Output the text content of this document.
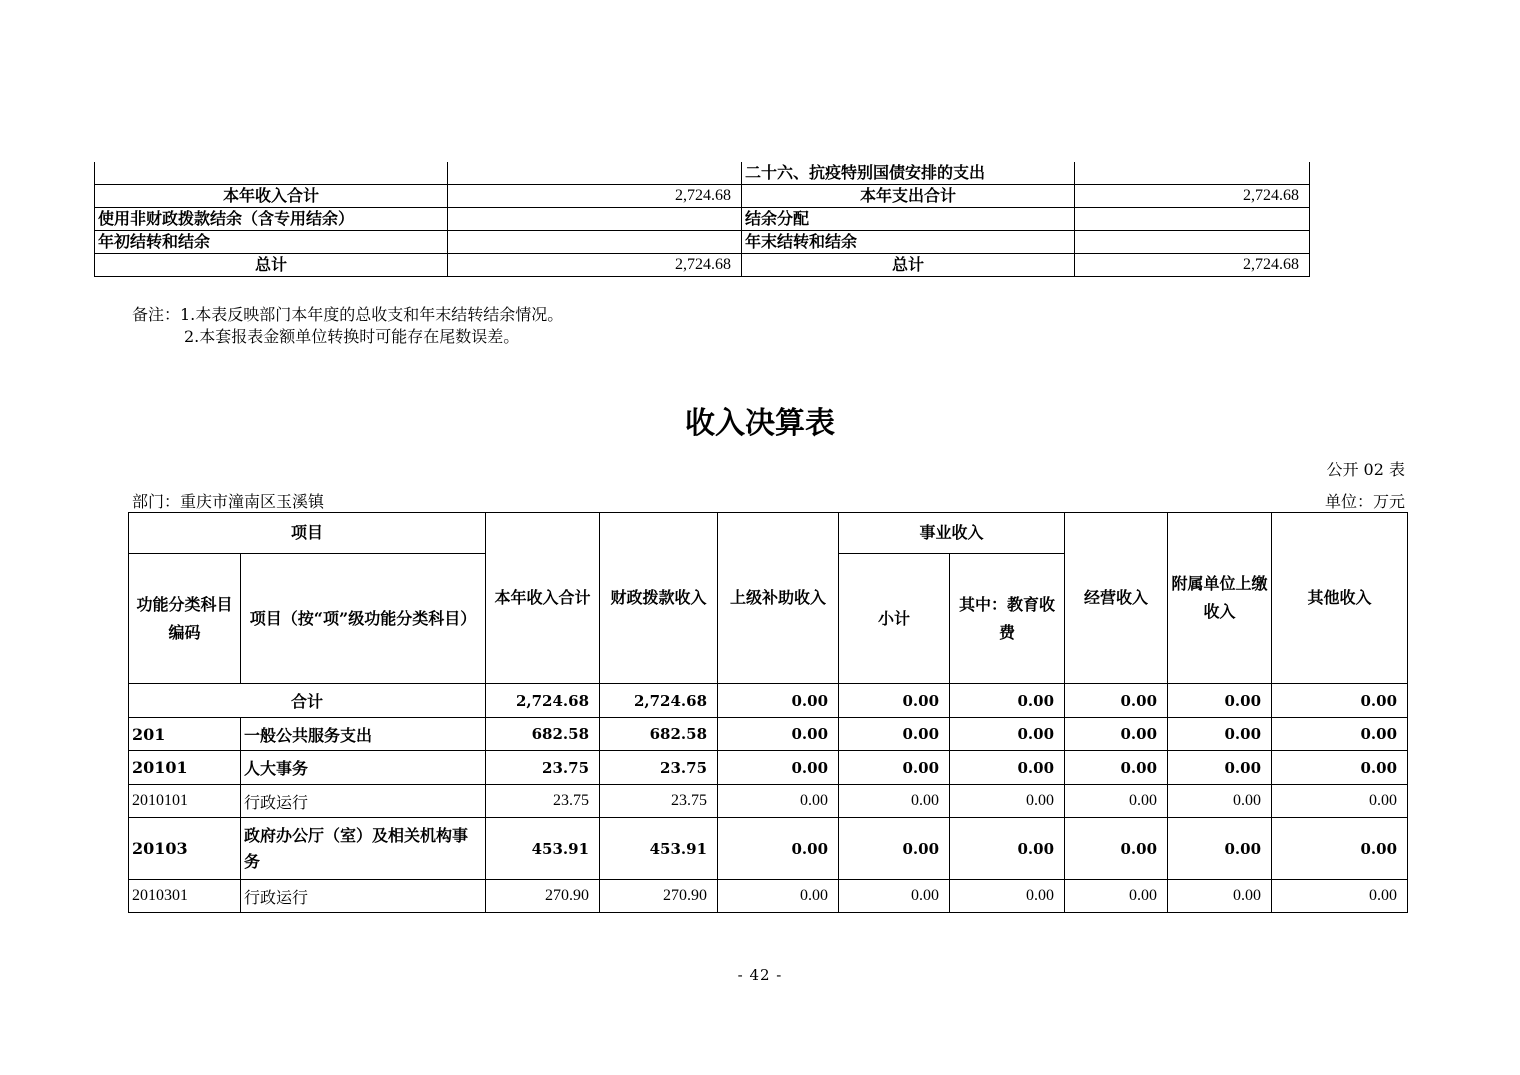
		二十六、抗疫特别国债安排的支出	
本年收入合计	2,724.68	本年支出合计	2,724.68
使用非财政拨款结余（含专用结余）		结余分配	
年初结转和结余		年末结转和结余	
总计	2,724.68	总计	2,724.68
备注：1.本表反映部门本年度的总收支和年末结转结余情况。
2.本套报表金额单位转换时可能存在尾数误差。
收入决算表
公开 02 表
部门：重庆市潼南区玉溪镇	单位：万元
项目		本年收入合计	财政拨款收入	上级补助收入	事业收入		经营收入	附属单位上缴收入	其他收入
功能分类科目编码	项目（按“项”级功能分类科目）				小计	其中：教育收费			
合计		2,724.68	2,724.68	0.00	0.00	0.00	0.00	0.00	0.00
201	一般公共服务支出	682.58	682.58	0.00	0.00	0.00	0.00	0.00	0.00
20101	人大事务	23.75	23.75	0.00	0.00	0.00	0.00	0.00	0.00
2010101	行政运行	23.75	23.75	0.00	0.00	0.00	0.00	0.00	0.00
20103	政府办公厅（室）及相关机构事务	453.91	453.91	0.00	0.00	0.00	0.00	0.00	0.00
2010301	行政运行	270.90	270.90	0.00	0.00	0.00	0.00	0.00	0.00
- 42 -
